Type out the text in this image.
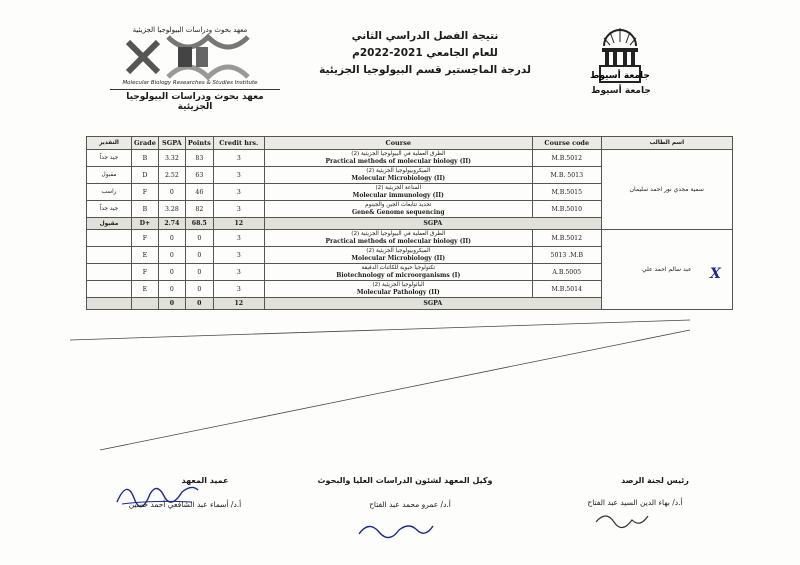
معهد بحوث ودراسات البيولوجيا الجزيئية
Molecular Biology Researches & Studies Institute
معهد بحوث ودراسات البيولوجيا الجزيئية
نتيجة الفصل الدراسي الثاني
للعام الجامعي 2021-2022م
لدرجة الماجستير قسم البيولوجيا الجزيئية	جامعة أسيوط
جامعة أسيوط
التقدير	Grade	SGPA	Points	Credit hrs.	Course	Course code	اسم الطالب
جيد جداً	B	3.32	83	3	الطرق العملية في البيولوجيا الجزيئية (2)
Practical methods of molecular biology (II)	M.B.5012	سمية مجدي نور احمد سليمان
مقبول	D	2.52	63	3	الميكروبيولوجيا الجزيئية (2)
Molecular Microbiology (II)	M.B. 5013	
راسب	F	0	46	3	المناعة الجزيئية (2)
Molecular immunology (II)	M.B.5015	
جيد جداً	B	3.28	82	3	تحديد تتابعات الجين والجينوم
Gene& Genome sequencing	M.B.5010	
مقبول	D+	2.74	68.5	12	SGPA		
	F	0	0	3	الطرق العملية في البيولوجيا الجزيئية (2)
Practical methods of molecular biology (II)	M.B.5012	عبد سالم احمد علي
	E	0	0	3	الميكروبيولوجيا الجزيئية (2)
Molecular Microbiology (II)	5013 .M.B	
	F	0	0	3	تكنولوجيا حيوية للكائنات الدقيقة
Biotechnology of microorganisms (I)	A.B.5005	
	E	0	0	3	الباثولوجيا الجزيئية (2)
Molecular Pathology (II)	M.B.5014	
		0	0	12	SGPA		
X
عميد المعهد
أ.د/ أسماء عبد الشافعي أحمد حسين
وكيل المعهد لشئون الدراسات العليا والبحوث
أ.د/ عمرو محمد عبد الفتاح
رئيس لجنة الرصد
أ.د/ بهاء الدين السيد عبد الفتاح
